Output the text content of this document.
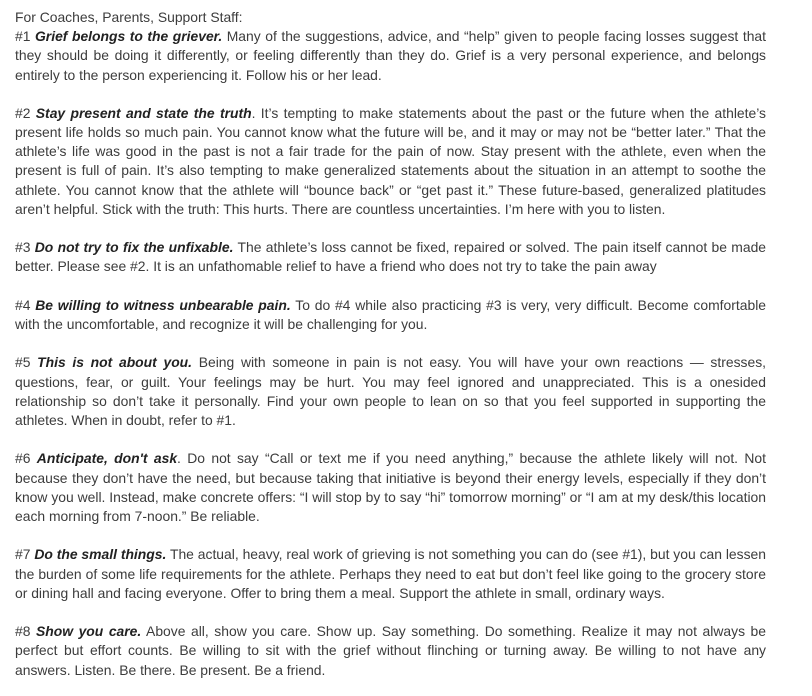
For Coaches, Parents, Support Staff:

#1 Grief belongs to the griever. Many of the suggestions, advice, and “help” given to people facing losses suggest that they should be doing it differently, or feeling differently than they do. Grief is a very personal experience, and belongs entirely to the person experiencing it. Follow his or her lead.

#2 Stay present and state the truth. It’s tempting to make statements about the past or the future when the athlete’s present life holds so much pain. You cannot know what the future will be, and it may or may not be “better later.” That the athlete’s life was good in the past is not a fair trade for the pain of now. Stay present with the athlete, even when the present is full of pain. It’s also tempting to make generalized statements about the situation in an attempt to soothe the athlete. You cannot know that the athlete will “bounce back” or “get past it.” These future-based, generalized platitudes aren’t helpful. Stick with the truth: This hurts. There are countless uncertainties. I’m here with you to listen.

#3 Do not try to fix the unfixable. The athlete’s loss cannot be fixed, repaired or solved. The pain itself cannot be made better. Please see #2. It is an unfathomable relief to have a friend who does not try to take the pain away

#4 Be willing to witness unbearable pain. To do #4 while also practicing #3 is very, very difficult. Become comfortable with the uncomfortable, and recognize it will be challenging for you.

#5 This is not about you. Being with someone in pain is not easy. You will have your own reactions — stresses, questions, fear, or guilt. Your feelings may be hurt. You may feel ignored and unappreciated. This is a onesided relationship so don’t take it personally. Find your own people to lean on so that you feel supported in supporting the athletes. When in doubt, refer to #1.

#6 Anticipate, don't ask. Do not say “Call or text me if you need anything,” because the athlete likely will not. Not because they don’t have the need, but because taking that initiative is beyond their energy levels, especially if they don’t know you well. Instead, make concrete offers: “I will stop by to say “hi” tomorrow morning” or “I am at my desk/this location each morning from 7-noon.” Be reliable.

#7 Do the small things. The actual, heavy, real work of grieving is not something you can do (see #1), but you can lessen the burden of some life requirements for the athlete. Perhaps they need to eat but don’t feel like going to the grocery store or dining hall and facing everyone. Offer to bring them a meal. Support the athlete in small, ordinary ways.

#8 Show you care. Above all, show you care. Show up. Say something. Do something. Realize it may not always be perfect but effort counts. Be willing to sit with the grief without flinching or turning away. Be willing to not have any answers. Listen. Be there. Be present. Be a friend.
